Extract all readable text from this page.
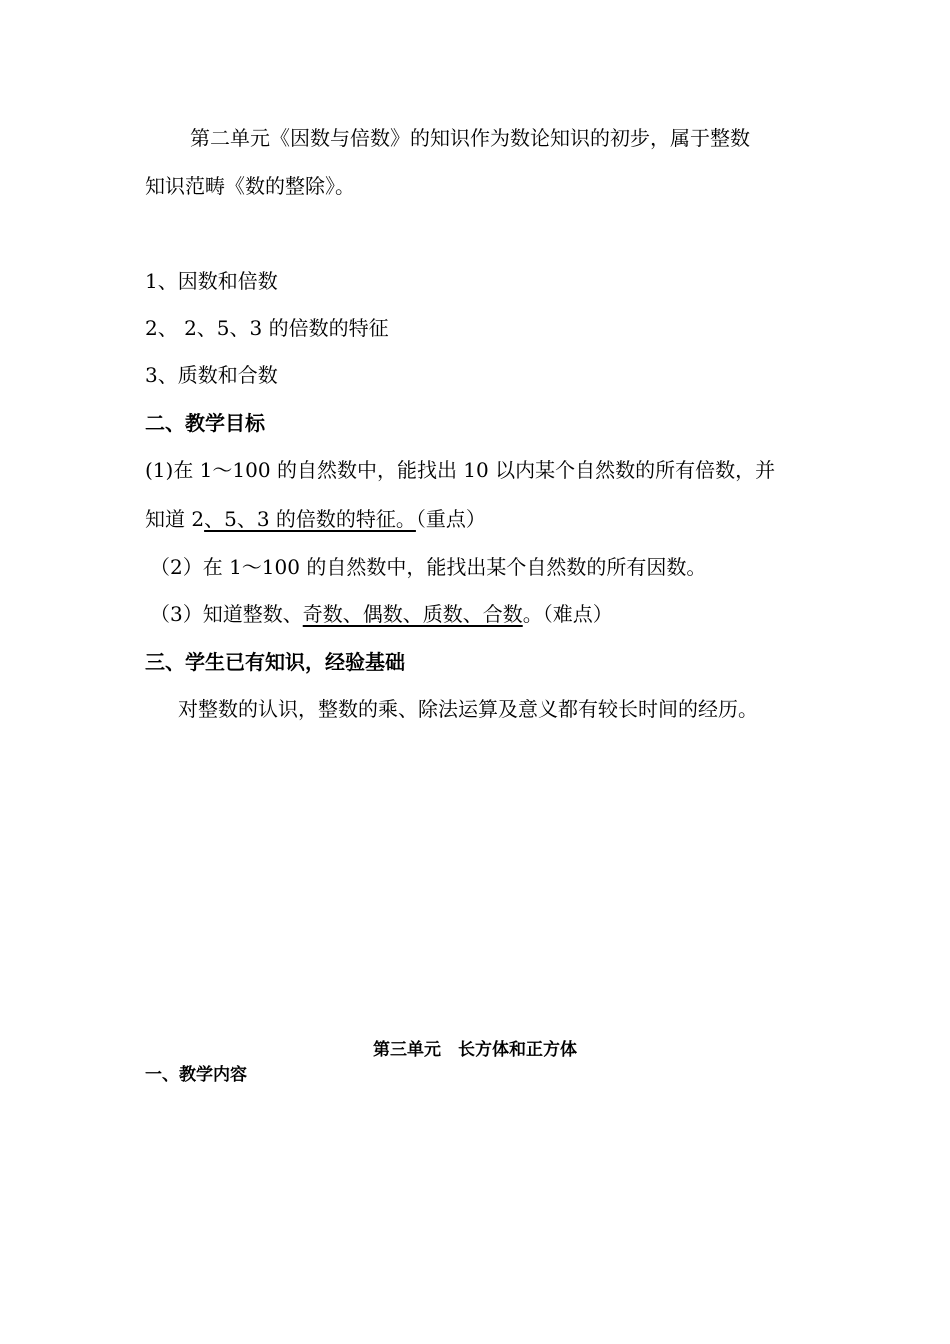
第二单元《因数与倍数》的知识作为数论知识的初步，属于整数
知识范畴《数的整除》。
1、因数和倍数
2、 2、5、3 的倍数的特征
3、质数和合数
二、教学目标
(1)在 1～100 的自然数中，能找出 10 以内某个自然数的所有倍数，并
知道 2、5、3 的倍数的特征。（重点）
（2）在 1～100 的自然数中，能找出某个自然数的所有因数。
（3）知道整数、奇数、偶数、质数、合数。（难点）
三、学生已有知识，经验基础
对整数的认识，整数的乘、除法运算及意义都有较长时间的经历。
第三单元　长方体和正方体
一、教学内容
